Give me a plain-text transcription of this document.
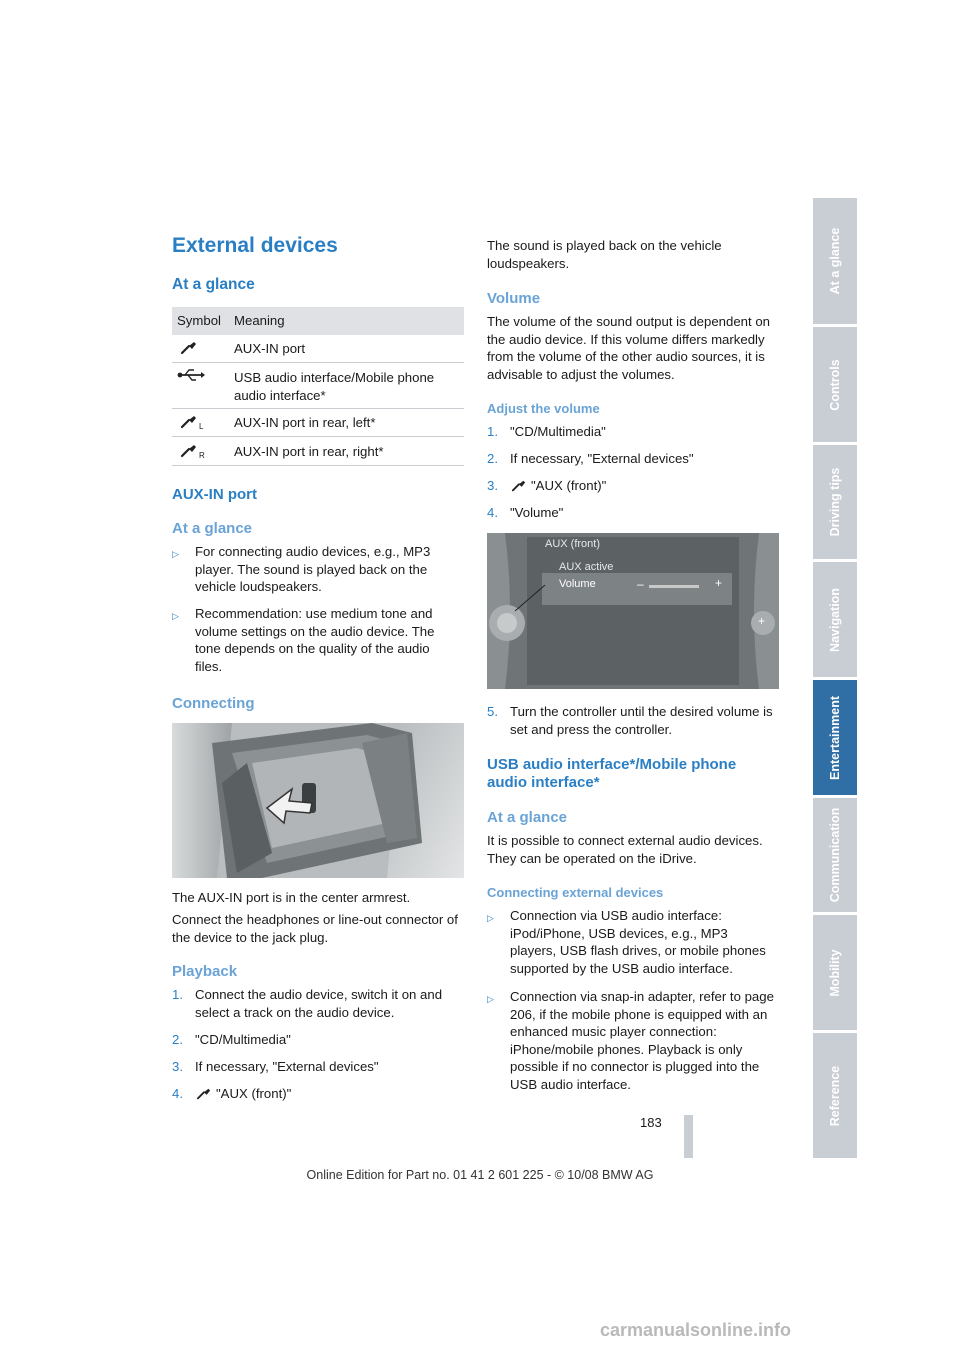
External devices
At a glance
Symbol Meaning
AUX-IN port
USB audio interface/Mobile phone audio interface*
L AUX-IN port in rear, left*
R AUX-IN port in rear, right*
AUX-IN port
At a glance
▷ For connecting audio devices, e.g., MP3 player. The sound is played back on the vehicle loudspeakers.
▷ Recommendation: use medium tone and volume settings on the audio device. The tone depends on the quality of the audio files.
Connecting
The AUX-IN port is in the center armrest.
Connect the headphones or line-out connector of the device to the jack plug.
Playback
1. Connect the audio device, switch it on and select a track on the audio device.
2. "CD/Multimedia"
3. If necessary, "External devices"
4.	"AUX (front)"
The sound is played back on the vehicle loudspeakers.
Volume
The volume of the sound output is dependent on the audio device. If this volume differs markedly from the volume of the other audio sources, it is advisable to adjust the volumes.
Adjust the volume
1. "CD/Multimedia"
2. If necessary, "External devices"
3.	"AUX (front)"
4. "Volume"
AUX (front)
AUX active
Volume	–	+
+
5. Turn the controller until the desired volume is set and press the controller.
USB audio interface*/Mobile phone audio interface*
At a glance
It is possible to connect external audio devices. They can be operated on the iDrive.
Connecting external devices
▷ Connection via USB audio interface: iPod/iPhone, USB devices, e.g., MP3 players, USB flash drives, or mobile phones supported by the USB audio interface.
▷ Connection via snap-in adapter, refer to page 206, if the mobile phone is equipped with an enhanced music player connection: iPhone/mobile phones. Playback is only possible if no connector is plugged into the USB audio interface.
At a glance
Controls
Driving tips
Navigation
Entertainment
Communication
Mobility
Reference
183
Online Edition for Part no. 01 41 2 601 225 - © 10/08 BMW AG
carmanualsonline.info
